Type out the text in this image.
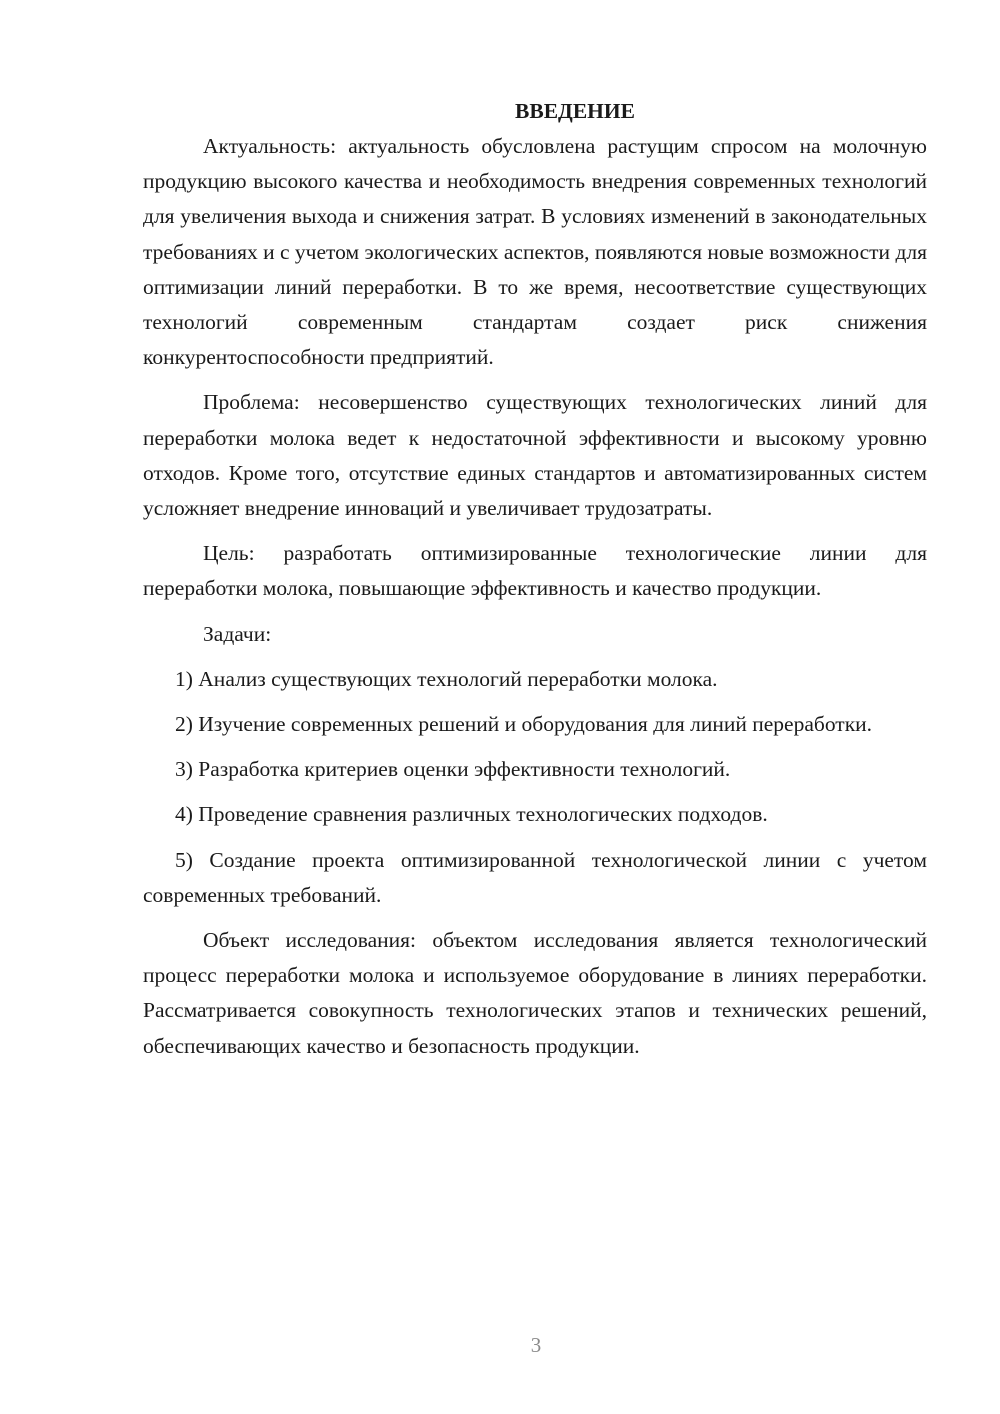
ВВЕДЕНИЕ

Актуальность: актуальность обусловлена растущим спросом на молочную продукцию высокого качества и необходимость внедрения современных технологий для увеличения выхода и снижения затрат. В условиях изменений в законодательных требованиях и с учетом экологических аспектов, появляются новые возможности для оптимизации линий переработки. В то же время, несоответствие существующих технологий современным стандартам создает риск снижения конкурентоспособности предприятий.

Проблема: несовершенство существующих технологических линий для переработки молока ведет к недостаточной эффективности и высокому уровню отходов. Кроме того, отсутствие единых стандартов и автоматизированных систем усложняет внедрение инноваций и увеличивает трудозатраты.

Цель: разработать оптимизированные технологические линии для переработки молока, повышающие эффективность и качество продукции.

Задачи:

1) Анализ существующих технологий переработки молока.

2) Изучение современных решений и оборудования для линий переработки.

3) Разработка критериев оценки эффективности технологий.

4) Проведение сравнения различных технологических подходов.

5) Создание проекта оптимизированной технологической линии с учетом современных требований.

Объект исследования: объектом исследования является технологический процесс переработки молока и используемое оборудование в линиях переработки. Рассматривается совокупность технологических этапов и технических решений, обеспечивающих качество и безопасность продукции.

3
